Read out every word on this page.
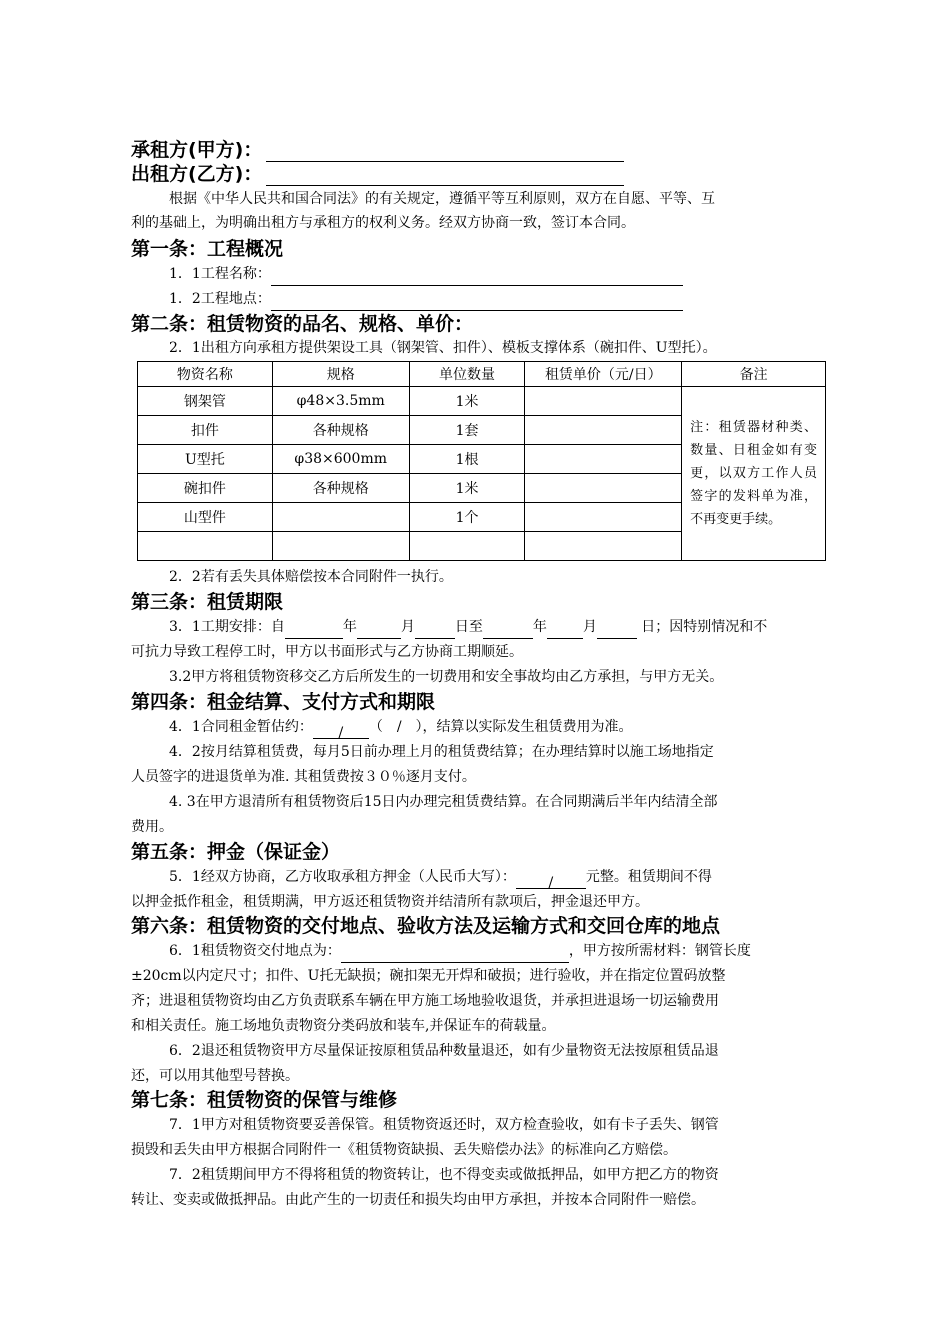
承租方(甲方)：
出租方(乙方)：
根据《中华人民共和国合同法》的有关规定，遵循平等互利原则，双方在自愿、平等、互
利的基础上，为明确出租方与承租方的权利义务。经双方协商一致，签订本合同。
第一条：工程概况
1．1工程名称：
1．2工程地点：
第二条：租赁物资的品名、规格、单价：
2．1出租方向承租方提供架设工具（钢架管、扣件）、模板支撑体系（碗扣件、U型托）。
物资名称	规格	单位数量	租赁单价（元/日）	备注
钢架管	φ48×3.5mm	1米		注：租赁器材种类、数量、日租金如有变更，以双方工作人员签字的发料单为准，不再变更手续。
扣件	各种规格	1套		
U型托	φ38×600mm	1根		
碗扣件	各种规格	1米		
山型件		1个		

2．2若有丢失具体赔偿按本合同附件一执行。
第三条：租赁期限
3．1工期安排：自	年	月	日至	年	月	日；因特别情况和不
可抗力导致工程停工时，甲方以书面形式与乙方协商工期顺延。
3.2甲方将租赁物资移交乙方后所发生的一切费用和安全事故均由乙方承担，与甲方无关。
第四条：租金结算、支付方式和期限
4．1合同租金暂估约： / （　/　），结算以实际发生租赁费用为准。
4．2按月结算租赁费，每月5日前办理上月的租赁费结算；在办理结算时以施工场地指定
人员签字的进退货单为准. 其租赁费按３０％逐月支付。
4. 3在甲方退清所有租赁物资后15日内办理完租赁费结算。在合同期满后半年内结清全部
费用。
第五条：押金（保证金）
5．1经双方协商，乙方收取承租方押金（人民币大写）： / 元整。租赁期间不得
以押金抵作租金，租赁期满，甲方返还租赁物资并结清所有款项后，押金退还甲方。
第六条：租赁物资的交付地点、验收方法及运输方式和交回仓库的地点
6．1租赁物资交付地点为：	，甲方按所需材料：钢管长度
±20cm以内定尺寸；扣件、U托无缺损；碗扣架无开焊和破损；进行验收，并在指定位置码放整
齐；进退租赁物资均由乙方负责联系车辆在甲方施工场地验收退货，并承担进退场一切运输费用
和相关责任。施工场地负责物资分类码放和装车,并保证车的荷载量。
6．2退还租赁物资甲方尽量保证按原租赁品种数量退还，如有少量物资无法按原租赁品退
还，可以用其他型号替换。
第七条：租赁物资的保管与维修
7．1甲方对租赁物资要妥善保管。租赁物资返还时，双方检查验收，如有卡子丢失、钢管
损毁和丢失由甲方根据合同附件一《租赁物资缺损、丢失赔偿办法》的标准向乙方赔偿。
7．2租赁期间甲方不得将租赁的物资转让，也不得变卖或做抵押品，如甲方把乙方的物资
转让、变卖或做抵押品。由此产生的一切责任和损失均由甲方承担，并按本合同附件一赔偿。
